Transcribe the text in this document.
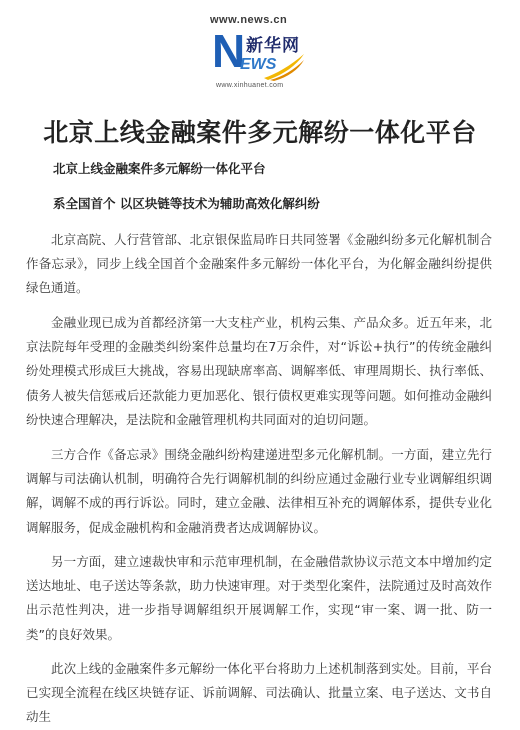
www.news.cn
N 新华网
EWS
www.xinhuanet.com
北京上线金融案件多元解纷一体化平台

北京上线金融案件多元解纷一体化平台

系全国首个 以区块链等技术为辅助高效化解纠纷

北京高院、人行营管部、北京银保监局昨日共同签署《金融纠纷多元化解机制合作备忘录》，同步上线全国首个金融案件多元解纷一体化平台，为化解金融纠纷提供绿色通道。

金融业现已成为首都经济第一大支柱产业，机构云集、产品众多。近五年来，北京法院每年受理的金融类纠纷案件总量均在7万余件，对“诉讼+执行”的传统金融纠纷处理模式形成巨大挑战，容易出现缺席率高、调解率低、审理周期长、执行率低、债务人被失信惩戒后还款能力更加恶化、银行债权更难实现等问题。如何推动金融纠纷快速合理解决，是法院和金融管理机构共同面对的迫切问题。

三方合作《备忘录》围绕金融纠纷构建递进型多元化解机制。一方面，建立先行调解与司法确认机制，明确符合先行调解机制的纠纷应通过金融行业专业调解组织调解，调解不成的再行诉讼。同时，建立金融、法律相互补充的调解体系，提供专业化调解服务，促成金融机构和金融消费者达成调解协议。

另一方面，建立速裁快审和示范审理机制，在金融借款协议示范文本中增加约定送达地址、电子送达等条款，助力快速审理。对于类型化案件，法院通过及时高效作出示范性判决，进一步指导调解组织开展调解工作，实现“审一案、调一批、防一类”的良好效果。

此次上线的金融案件多元解纷一体化平台将助力上述机制落到实处。目前，平台已实现全流程在线区块链存证、诉前调解、司法确认、批量立案、电子送达、文书自动生
